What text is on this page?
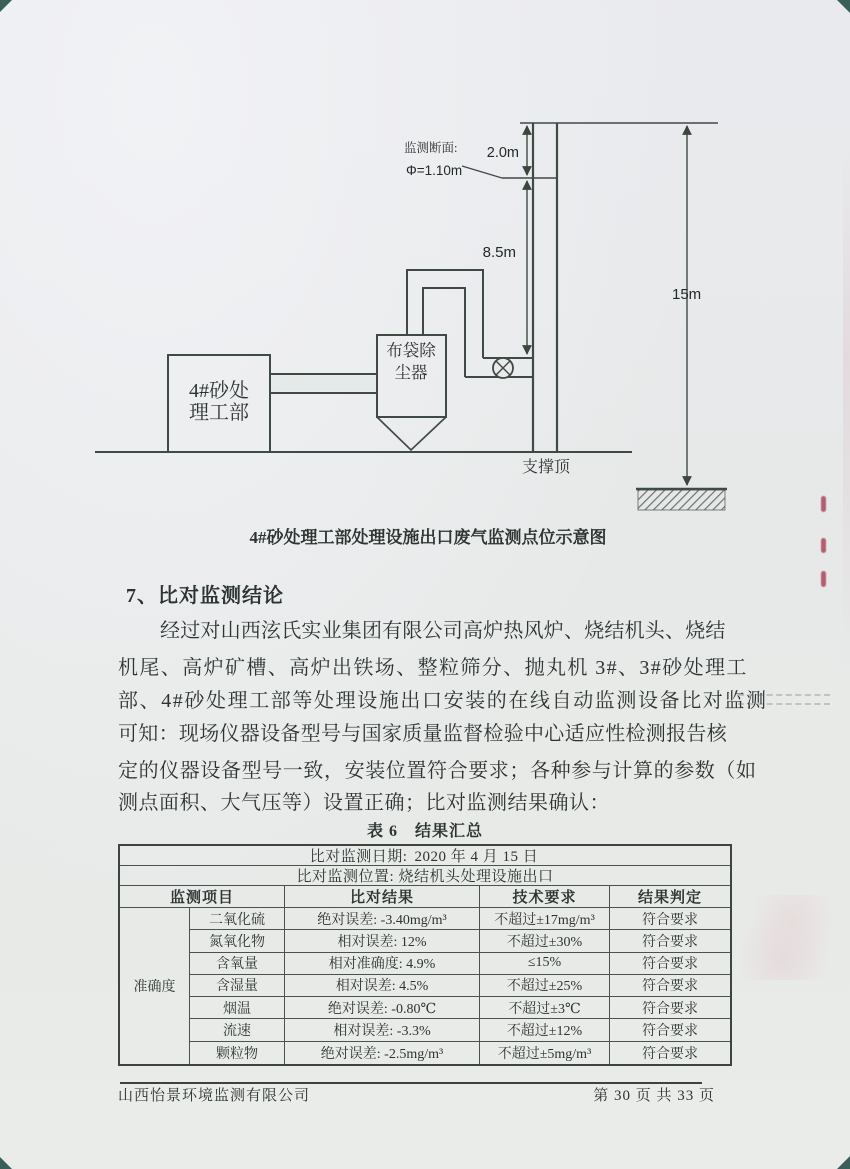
监测断面:
Φ=1.10m
2.0m
8.5m
15m
4#砂处
理工部
布袋除
尘器
支撑顶
4#砂处理工部处理设施出口废气监测点位示意图
7、比对监测结论
经过对山西泫氏实业集团有限公司高炉热风炉、烧结机头、烧结
机尾、高炉矿槽、高炉出铁场、整粒筛分、抛丸机 3#、3#砂处理工
部、4#砂处理工部等处理设施出口安装的在线自动监测设备比对监测
可知：现场仪器设备型号与国家质量监督检验中心适应性检测报告核
定的仪器设备型号一致，安装位置符合要求；各种参与计算的参数（如
测点面积、大气压等）设置正确；比对监测结果确认：
表 6　结果汇总
比对监测日期: 2020 年 4 月 15 日
比对监测位置: 烧结机头处理设施出口
监测项目	比对结果	技术要求	结果判定
准确度
二氧化硫	绝对误差: -3.40mg/m³	不超过±17mg/m³	符合要求
氮氧化物	相对误差: 12%	不超过±30%	符合要求
含氧量	相对准确度: 4.9%	≤15%	符合要求
含湿量	相对误差: 4.5%	不超过±25%	符合要求
烟温	绝对误差: -0.80℃	不超过±3℃	符合要求
流速	相对误差: -3.3%	不超过±12%	符合要求
颗粒物	绝对误差: -2.5mg/m³	不超过±5mg/m³	符合要求
山西怡景环境监测有限公司	第 30 页 共 33 页
